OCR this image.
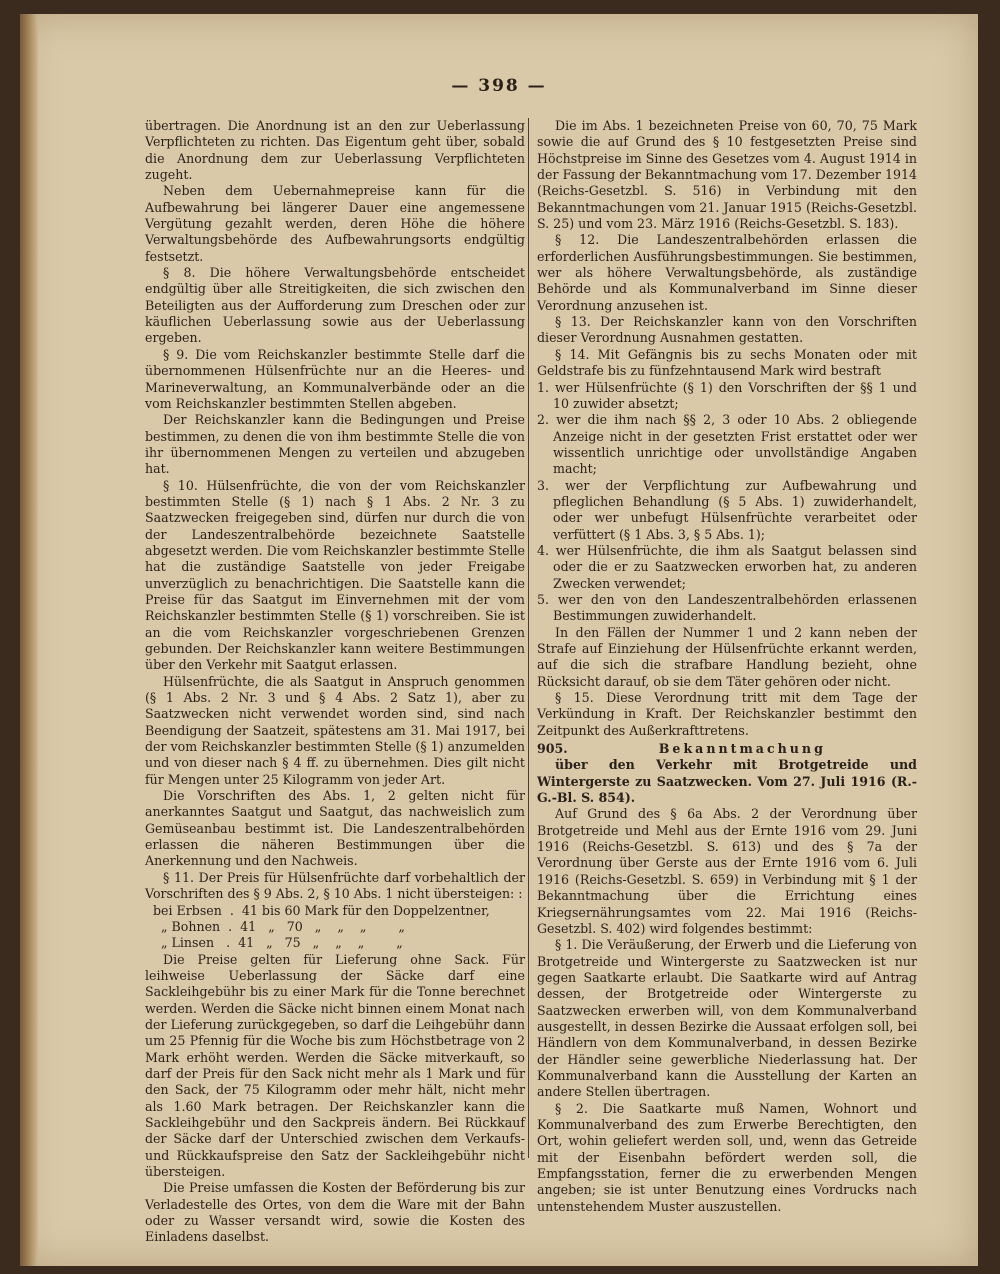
— 398 —

übertragen. Die Anordnung ist an den zur Ueberlassung Verpflichteten zu richten. Das Eigentum geht über, sobald die Anordnung dem zur Ueberlassung Verpflichteten zugeht.

Neben dem Uebernahmepreise kann für die Aufbewahrung bei längerer Dauer eine angemessene Vergütung gezahlt werden, deren Höhe die höhere Verwaltungsbehörde des Aufbewahrungsorts endgültig festsetzt.

§ 8. Die höhere Verwaltungsbehörde entscheidet endgültig über alle Streitigkeiten, die sich zwischen den Beteiligten aus der Aufforderung zum Dreschen oder zur käuflichen Ueberlassung sowie aus der Ueberlassung ergeben.

§ 9. Die vom Reichskanzler bestimmte Stelle darf die übernommenen Hülsenfrüchte nur an die Heeres- und Marineverwaltung, an Kommunalverbände oder an die vom Reichskanzler bestimmten Stellen abgeben.

Der Reichskanzler kann die Bedingungen und Preise bestimmen, zu denen die von ihm bestimmte Stelle die von ihr übernommenen Mengen zu verteilen und abzugeben hat.

§ 10. Hülsenfrüchte, die von der vom Reichskanzler bestimmten Stelle (§ 1) nach § 1 Abs. 2 Nr. 3 zu Saatzwecken freigegeben sind, dürfen nur durch die von der Landeszentralbehörde bezeichnete Saatstelle abgesetzt werden. Die vom Reichskanzler bestimmte Stelle hat die zuständige Saatstelle von jeder Freigabe unverzüglich zu benachrichtigen. Die Saatstelle kann die Preise für das Saatgut im Einvernehmen mit der vom Reichskanzler bestimmten Stelle (§ 1) vorschreiben. Sie ist an die vom Reichskanzler vorgeschriebenen Grenzen gebunden. Der Reichskanzler kann weitere Bestimmungen über den Verkehr mit Saatgut erlassen.

Hülsenfrüchte, die als Saatgut in Anspruch genommen (§ 1 Abs. 2 Nr. 3 und § 4 Abs. 2 Satz 1), aber zu Saatzwecken nicht verwendet worden sind, sind nach Beendigung der Saatzeit, spätestens am 31. Mai 1917, bei der vom Reichskanzler bestimmten Stelle (§ 1) anzumelden und von dieser nach § 4 ff. zu übernehmen. Dies gilt nicht für Mengen unter 25 Kilogramm von jeder Art.

Die Vorschriften des Abs. 1, 2 gelten nicht für anerkanntes Saatgut und Saatgut, das nachweislich zum Gemüseanbau bestimmt ist. Die Landeszentralbehörden erlassen die näheren Bestimmungen über die Anerkennung und den Nachweis.

§ 11. Der Preis für Hülsenfrüchte darf vorbehaltlich der Vorschriften des § 9 Abs. 2, § 10 Abs. 1 nicht übersteigen: :

bei Erbsen  .  41 bis 60 Mark für den Doppelzentner,
„ Bohnen  .  41   „   70   „    „    „        „
„ Linsen   .  41   „   75   „    „    „        „

Die Preise gelten für Lieferung ohne Sack. Für leihweise Ueberlassung der Säcke darf eine Sackleihgebühr bis zu einer Mark für die Tonne berechnet werden. Werden die Säcke nicht binnen einem Monat nach der Lieferung zurückgegeben, so darf die Leihgebühr dann um 25 Pfennig für die Woche bis zum Höchstbetrage von 2 Mark erhöht werden. Werden die Säcke mitverkauft, so darf der Preis für den Sack nicht mehr als 1 Mark und für den Sack, der 75 Kilogramm oder mehr hält, nicht mehr als 1.60 Mark betragen. Der Reichskanzler kann die Sackleihgebühr und den Sackpreis ändern. Bei Rückkauf der Säcke darf der Unterschied zwischen dem Verkaufs- und Rückkaufspreise den Satz der Sackleihgebühr nicht übersteigen.

Die Preise umfassen die Kosten der Beförderung bis zur Verladestelle des Ortes, von dem die Ware mit der Bahn oder zu Wasser versandt wird, sowie die Kosten des Einladens daselbst.

Die im Abs. 1 bezeichneten Preise von 60, 70, 75 Mark sowie die auf Grund des § 10 festgesetzten Preise sind Höchstpreise im Sinne des Gesetzes vom 4. August 1914 in der Fassung der Bekanntmachung vom 17. Dezember 1914 (Reichs-Gesetzbl. S. 516) in Verbindung mit den Bekanntmachungen vom 21. Januar 1915 (Reichs-Gesetzbl. S. 25) und vom 23. März 1916 (Reichs-Gesetzbl. S. 183).

§ 12. Die Landeszentralbehörden erlassen die erforderlichen Ausführungsbestimmungen. Sie bestimmen, wer als höhere Verwaltungsbehörde, als zuständige Behörde und als Kommunalverband im Sinne dieser Verordnung anzusehen ist.

§ 13. Der Reichskanzler kann von den Vorschriften dieser Verordnung Ausnahmen gestatten.

§ 14. Mit Gefängnis bis zu sechs Monaten oder mit Geldstrafe bis zu fünfzehntausend Mark wird bestraft

1. wer Hülsenfrüchte (§ 1) den Vorschriften der §§ 1 und 10 zuwider absetzt;

2. wer die ihm nach §§ 2, 3 oder 10 Abs. 2 obliegende Anzeige nicht in der gesetzten Frist erstattet oder wer wissentlich unrichtige oder unvollständige Angaben macht;

3. wer der Verpflichtung zur Aufbewahrung und pfleglichen Behandlung (§ 5 Abs. 1) zuwiderhandelt, oder wer unbefugt Hülsenfrüchte verarbeitet oder verfüttert (§ 1 Abs. 3, § 5 Abs. 1);

4. wer Hülsenfrüchte, die ihm als Saatgut belassen sind oder die er zu Saatzwecken erworben hat, zu anderen Zwecken verwendet;

5. wer den von den Landeszentralbehörden erlassenen Bestimmungen zuwiderhandelt.

In den Fällen der Nummer 1 und 2 kann neben der Strafe auf Einziehung der Hülsenfrüchte erkannt werden, auf die sich die strafbare Handlung bezieht, ohne Rücksicht darauf, ob sie dem Täter gehören oder nicht.

§ 15. Diese Verordnung tritt mit dem Tage der Verkündung in Kraft. Der Reichskanzler bestimmt den Zeitpunkt des Außerkrafttretens.

905.	Bekanntmachung

über den Verkehr mit Brotgetreide und Wintergerste zu Saatzwecken. Vom 27. Juli 1916 (R.-G.-Bl. S. 854).

Auf Grund des § 6a Abs. 2 der Verordnung über Brotgetreide und Mehl aus der Ernte 1916 vom 29. Juni 1916 (Reichs-Gesetzbl. S. 613) und des § 7a der Verordnung über Gerste aus der Ernte 1916 vom 6. Juli 1916 (Reichs-Gesetzbl. S. 659) in Verbindung mit § 1 der Bekanntmachung über die Errichtung eines Kriegsernährungsamtes vom 22. Mai 1916 (Reichs-Gesetzbl. S. 402) wird folgendes bestimmt:

§ 1. Die Veräußerung, der Erwerb und die Lieferung von Brotgetreide und Wintergerste zu Saatzwecken ist nur gegen Saatkarte erlaubt. Die Saatkarte wird auf Antrag dessen, der Brotgetreide oder Wintergerste zu Saatzwecken erwerben will, von dem Kommunalverband ausgestellt, in dessen Bezirke die Aussaat erfolgen soll, bei Händlern von dem Kommunalverband, in dessen Bezirke der Händler seine gewerbliche Niederlassung hat. Der Kommunalverband kann die Ausstellung der Karten an andere Stellen übertragen.

§ 2. Die Saatkarte muß Namen, Wohnort und Kommunalverband des zum Erwerbe Berechtigten, den Ort, wohin geliefert werden soll, und, wenn das Getreide mit der Eisenbahn befördert werden soll, die Empfangsstation, ferner die zu erwerbenden Mengen angeben; sie ist unter Benutzung eines Vordrucks nach untenstehendem Muster auszustellen.
